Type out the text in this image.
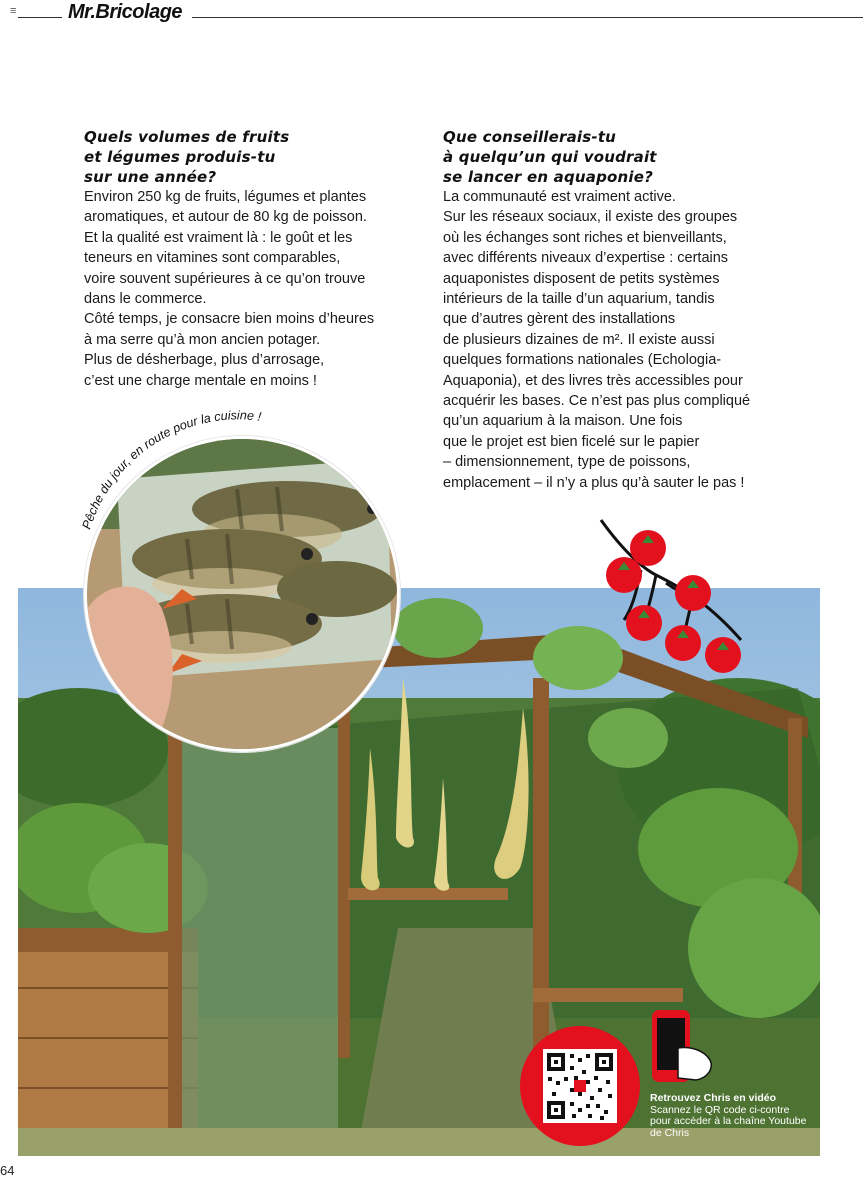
≡	Mr.Bricolage
Quels volumes de fruits
et légumes produis-tu
sur une année?

Environ 250 kg de fruits, légumes et plantes
aromatiques, et autour de 80 kg de poisson.
Et la qualité est vraiment là : le goût et les
teneurs en vitamines sont comparables,
voire souvent supérieures à ce qu’on trouve
dans le commerce.
Côté temps, je consacre bien moins d’heures
à ma serre qu’à mon ancien potager.
Plus de désherbage, plus d’arrosage,
c’est une charge mentale en moins !

Que conseillerais-tu
à quelqu’un qui voudrait
se lancer en aquaponie?

La communauté est vraiment active.
Sur les réseaux sociaux, il existe des groupes
où les échanges sont riches et bienveillants,
avec différents niveaux d’expertise : certains
aquaponistes disposent de petits systèmes
intérieurs de la taille d’un aquarium, tandis
que d’autres gèrent des installations
de plusieurs dizaines de m². Il existe aussi
quelques formations nationales (Echologia-
Aquaponia), et des livres très accessibles pour
acquérir les bases. Ce n’est pas plus compliqué
qu’un aquarium à la maison. Une fois
que le projet est bien ficelé sur le papier
– dimensionnement, type de poissons,
emplacement – il n’y a plus qu’à sauter le pas !

Pêche du jour, en route pour la cuisine !
Retrouvez Chris en vidéo
Scannez le QR code ci-contre
pour accéder à la chaîne Youtube
de Chris
64
